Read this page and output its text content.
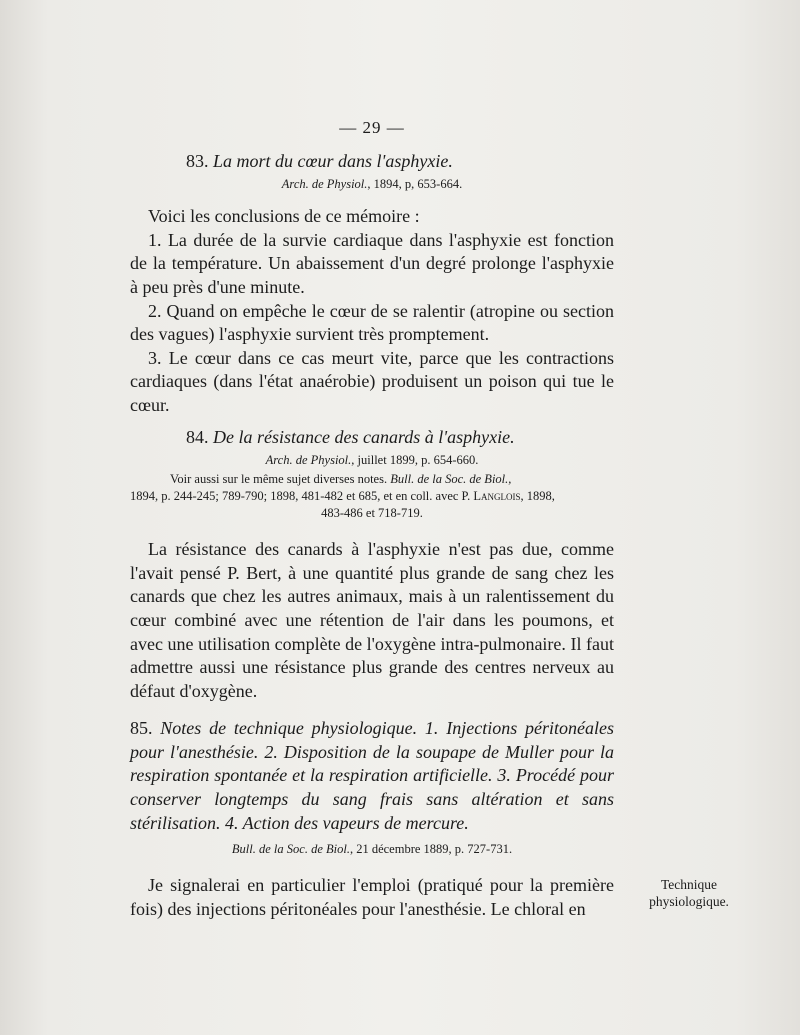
— 29 —
83. La mort du cœur dans l'asphyxie.
Arch. de Physiol., 1894, p, 653-664.

Voici les conclusions de ce mémoire :

1. La durée de la survie cardiaque dans l'asphyxie est fonction de la température. Un abaissement d'un degré prolonge l'asphyxie à peu près d'une minute.

2. Quand on empêche le cœur de se ralentir (atropine ou section des vagues) l'asphyxie survient très promptement.

3. Le cœur dans ce cas meurt vite, parce que les contractions cardiaques (dans l'état anaérobie) produisent un poison qui tue le cœur.

84. De la résistance des canards à l'asphyxie.
Arch. de Physiol., juillet 1899, p. 654-660.
Voir aussi sur le même sujet diverses notes. Bull. de la Soc. de Biol.,
1894, p. 244-245; 789-790; 1898, 481-482 et 685, et en coll. avec P. Langlois, 1898,
483-486 et 718-719.

La résistance des canards à l'asphyxie n'est pas due, comme l'avait pensé P. Bert, à une quantité plus grande de sang chez les canards que chez les autres animaux, mais à un ralentissement du cœur combiné avec une rétention de l'air dans les poumons, et avec une utilisation complète de l'oxygène intra-pulmonaire. Il faut admettre aussi une résistance plus grande des centres nerveux au défaut d'oxygène.

85. Notes de technique physiologique. 1. Injections péritonéales pour l'anesthésie. 2. Disposition de la soupape de Muller pour la respiration spontanée et la respiration artificielle. 3. Procédé pour conserver longtemps du sang frais sans altération et sans stérilisation. 4. Action des vapeurs de mercure.

Bull. de la Soc. de Biol., 21 décembre 1889, p. 727-731.

Je signalerai en particulier l'emploi (pratiqué pour la première fois) des injections péritonéales pour l'anesthésie. Le chloral en

Technique
physiologique.
